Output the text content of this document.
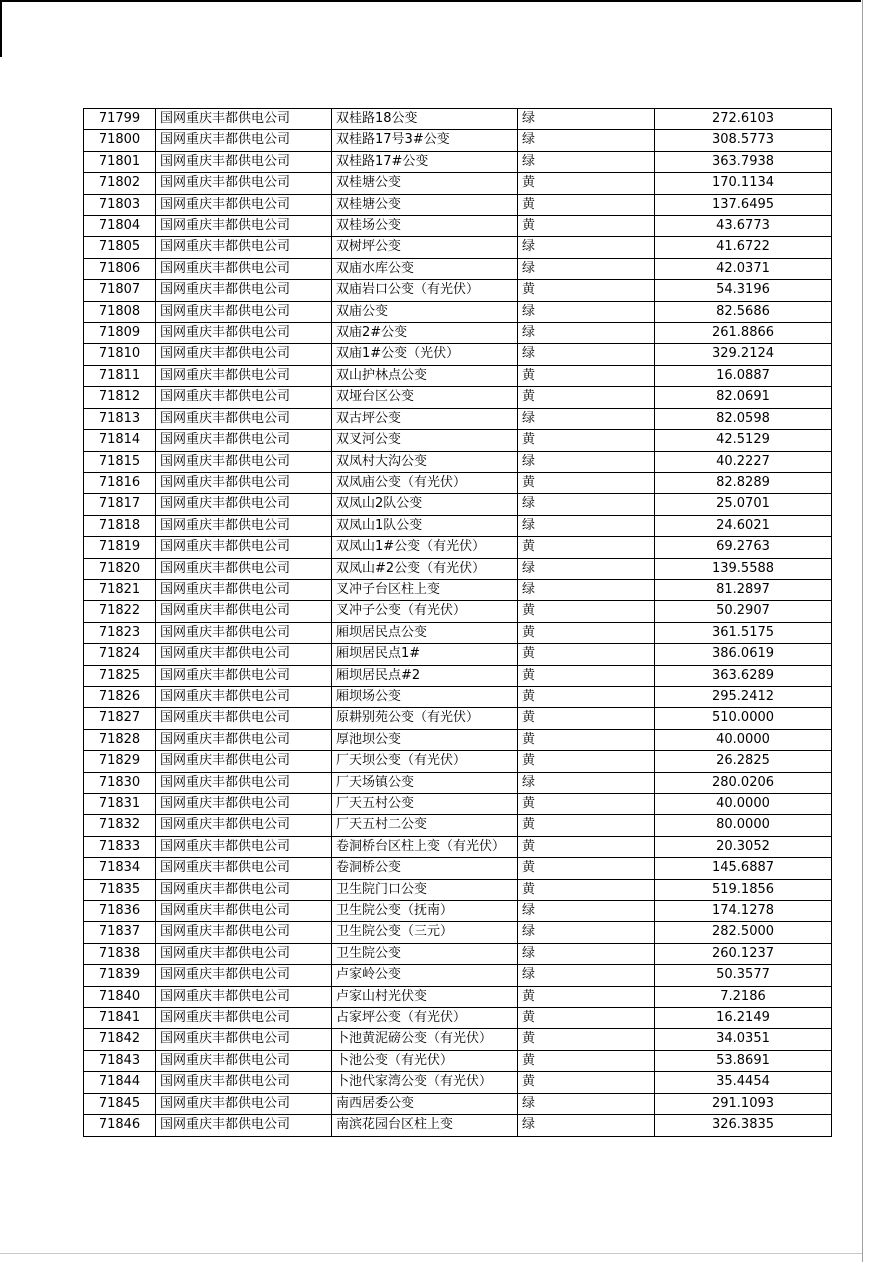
71799	国网重庆丰都供电公司	双桂路18公变	绿	272.6103
71800	国网重庆丰都供电公司	双桂路17号3#公变	绿	308.5773
71801	国网重庆丰都供电公司	双桂路17#公变	绿	363.7938
71802	国网重庆丰都供电公司	双桂塘公变	黄	170.1134
71803	国网重庆丰都供电公司	双桂塘公变	黄	137.6495
71804	国网重庆丰都供电公司	双桂场公变	黄	43.6773
71805	国网重庆丰都供电公司	双树坪公变	绿	41.6722
71806	国网重庆丰都供电公司	双庙水库公变	绿	42.0371
71807	国网重庆丰都供电公司	双庙岩口公变（有光伏）	黄	54.3196
71808	国网重庆丰都供电公司	双庙公变	绿	82.5686
71809	国网重庆丰都供电公司	双庙2#公变	绿	261.8866
71810	国网重庆丰都供电公司	双庙1#公变（光伏）	绿	329.2124
71811	国网重庆丰都供电公司	双山护林点公变	黄	16.0887
71812	国网重庆丰都供电公司	双垭台区公变	黄	82.0691
71813	国网重庆丰都供电公司	双古坪公变	绿	82.0598
71814	国网重庆丰都供电公司	双叉河公变	黄	42.5129
71815	国网重庆丰都供电公司	双凤村大沟公变	绿	40.2227
71816	国网重庆丰都供电公司	双凤庙公变（有光伏）	黄	82.8289
71817	国网重庆丰都供电公司	双凤山2队公变	绿	25.0701
71818	国网重庆丰都供电公司	双凤山1队公变	绿	24.6021
71819	国网重庆丰都供电公司	双凤山1#公变（有光伏）	黄	69.2763
71820	国网重庆丰都供电公司	双凤山#2公变（有光伏）	绿	139.5588
71821	国网重庆丰都供电公司	叉冲子台区柱上变	绿	81.2897
71822	国网重庆丰都供电公司	叉冲子公变（有光伏）	黄	50.2907
71823	国网重庆丰都供电公司	厢坝居民点公变	黄	361.5175
71824	国网重庆丰都供电公司	厢坝居民点1#	黄	386.0619
71825	国网重庆丰都供电公司	厢坝居民点#2	黄	363.6289
71826	国网重庆丰都供电公司	厢坝场公变	黄	295.2412
71827	国网重庆丰都供电公司	原耕别苑公变（有光伏）	黄	510.0000
71828	国网重庆丰都供电公司	厚池坝公变	黄	40.0000
71829	国网重庆丰都供电公司	厂天坝公变（有光伏）	黄	26.2825
71830	国网重庆丰都供电公司	厂天场镇公变	绿	280.0206
71831	国网重庆丰都供电公司	厂天五村公变	黄	40.0000
71832	国网重庆丰都供电公司	厂天五村二公变	黄	80.0000
71833	国网重庆丰都供电公司	卷洞桥台区柱上变（有光伏）	黄	20.3052
71834	国网重庆丰都供电公司	卷洞桥公变	黄	145.6887
71835	国网重庆丰都供电公司	卫生院门口公变	黄	519.1856
71836	国网重庆丰都供电公司	卫生院公变（抚南）	绿	174.1278
71837	国网重庆丰都供电公司	卫生院公变（三元）	绿	282.5000
71838	国网重庆丰都供电公司	卫生院公变	绿	260.1237
71839	国网重庆丰都供电公司	卢家岭公变	绿	50.3577
71840	国网重庆丰都供电公司	卢家山村光伏变	黄	7.2186
71841	国网重庆丰都供电公司	占家坪公变（有光伏）	黄	16.2149
71842	国网重庆丰都供电公司	卜池黄泥磅公变（有光伏）	黄	34.0351
71843	国网重庆丰都供电公司	卜池公变（有光伏）	黄	53.8691
71844	国网重庆丰都供电公司	卜池代家湾公变（有光伏）	黄	35.4454
71845	国网重庆丰都供电公司	南西居委公变	绿	291.1093
71846	国网重庆丰都供电公司	南滨花园台区柱上变	绿	326.3835
